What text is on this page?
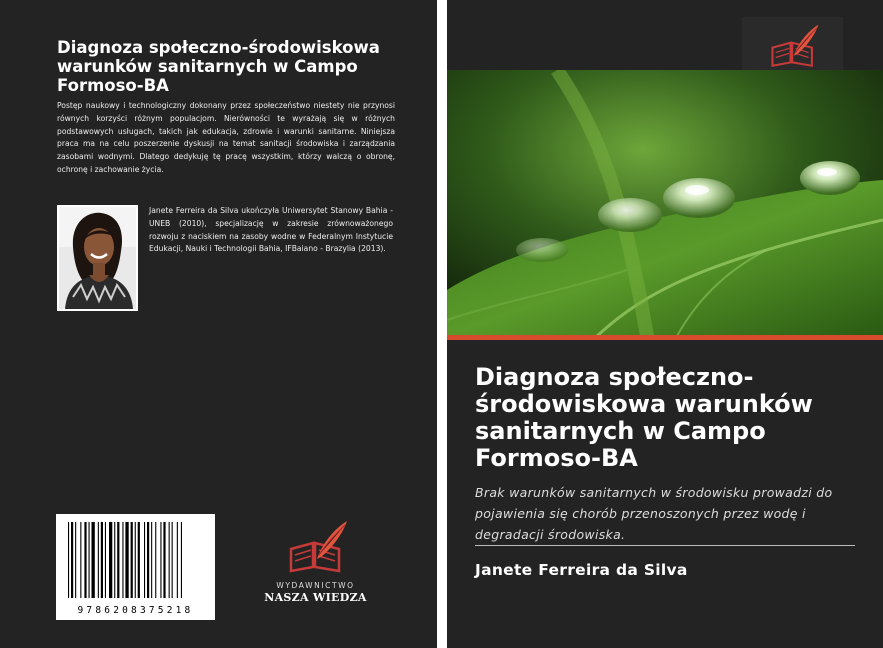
Diagnoza społeczno-środowiskowa warunków sanitarnych w Campo Formoso-BA
Postęp naukowy i technologiczny dokonany przez społeczeństwo niestety nie przynosi równych korzyści różnym populacjom. Nierówności te wyrażają się w różnych podstawowych usługach, takich jak edukacja, zdrowie i warunki sanitarne. Niniejsza praca ma na celu poszerzenie dyskusji na temat sanitacji środowiska i zarządzania zasobami wodnymi. Dlatego dedykuję tę pracę wszystkim, którzy walczą o obronę, ochronę i zachowanie życia.
Janete Ferreira da Silva ukończyła Uniwersytet Stanowy Bahia - UNEB (2010), specjalizację w zakresie zrównoważonego rozwoju z naciskiem na zasoby wodne w Federalnym Instytucie Edukacji, Nauki i Technologii Bahia, IFBaiano - Brazylia (2013).
9786208375218
WYDAWNICTWO
NASZA WIEDZA
Diagnoza społeczno-środowiskowa warunków sanitarnych w Campo Formoso-BA
Brak warunków sanitarnych w środowisku prowadzi do pojawienia się chorób przenoszonych przez wodę i degradacji środowiska.
Janete Ferreira da Silva
